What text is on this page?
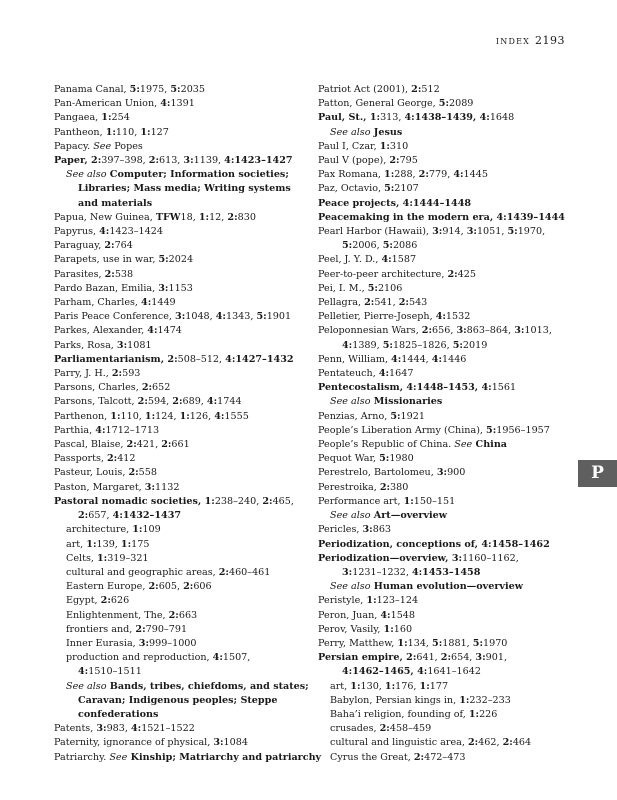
INDEX 2193
Panama Canal, 5:1975, 5:2035
Pan-American Union, 4:1391
Pangaea, 1:254
Pantheon, 1:110, 1:127
Papacy. See Popes
Paper, 2:397–398, 2:613, 3:1139, 4:1423–1427
See also Computer; Information societies;
Libraries; Mass media; Writing systems
and materials
Papua, New Guinea, TFW18, 1:12, 2:830
Papyrus, 4:1423–1424
Paraguay, 2:764
Parapets, use in war, 5:2024
Parasites, 2:538
Pardo Bazan, Emilia, 3:1153
Parham, Charles, 4:1449
Paris Peace Conference, 3:1048, 4:1343, 5:1901
Parkes, Alexander, 4:1474
Parks, Rosa, 3:1081
Parliamentarianism, 2:508–512, 4:1427–1432
Parry, J. H., 2:593
Parsons, Charles, 2:652
Parsons, Talcott, 2:594, 2:689, 4:1744
Parthenon, 1:110, 1:124, 1:126, 4:1555
Parthia, 4:1712–1713
Pascal, Blaise, 2:421, 2:661
Passports, 2:412
Pasteur, Louis, 2:558
Paston, Margaret, 3:1132
Pastoral nomadic societies, 1:238–240, 2:465,
2:657, 4:1432–1437
architecture, 1:109
art, 1:139, 1:175
Celts, 1:319–321
cultural and geographic areas, 2:460–461
Eastern Europe, 2:605, 2:606
Egypt, 2:626
Enlightenment, The, 2:663
frontiers and, 2:790–791
Inner Eurasia, 3:999–1000
production and reproduction, 4:1507,
4:1510–1511
See also Bands, tribes, chiefdoms, and states;
Caravan; Indigenous peoples; Steppe
confederations
Patents, 3:983, 4:1521–1522
Paternity, ignorance of physical, 3:1084
Patriarchy. See Kinship; Matriarchy and patriarchy
Patriot Act (2001), 2:512
Patton, General George, 5:2089
Paul, St., 1:313, 4:1438–1439, 4:1648
See also Jesus
Paul I, Czar, 1:310
Paul V (pope), 2:795
Pax Romana, 1:288, 2:779, 4:1445
Paz, Octavio, 5:2107
Peace projects, 4:1444–1448
Peacemaking in the modern era, 4:1439–1444
Pearl Harbor (Hawaii), 3:914, 3:1051, 5:1970,
5:2006, 5:2086
Peel, J. Y. D., 4:1587
Peer-to-peer architecture, 2:425
Pei, I. M., 5:2106
Pellagra, 2:541, 2:543
Pelletier, Pierre-Joseph, 4:1532
Peloponnesian Wars, 2:656, 3:863–864, 3:1013,
4:1389, 5:1825–1826, 5:2019
Penn, William, 4:1444, 4:1446
Pentateuch, 4:1647
Pentecostalism, 4:1448–1453, 4:1561
See also Missionaries
Penzias, Arno, 5:1921
People’s Liberation Army (China), 5:1956–1957
People’s Republic of China. See China
Pequot War, 5:1980
Perestrelo, Bartolomeu, 3:900
Perestroika, 2:380
Performance art, 1:150–151
See also Art—overview
Pericles, 3:863
Periodization, conceptions of, 4:1458–1462
Periodization—overview, 3:1160–1162,
3:1231–1232, 4:1453–1458
See also Human evolution—overview
Peristyle, 1:123–124
Peron, Juan, 4:1548
Perov, Vasily, 1:160
Perry, Matthew, 1:134, 5:1881, 5:1970
Persian empire, 2:641, 2:654, 3:901,
4:1462–1465, 4:1641–1642
art, 1:130, 1:176, 1:177
Babylon, Persian kings in, 1:232–233
Baha’i religion, founding of, 1:226
crusades, 2:458–459
cultural and linguistic area, 2:462, 2:464
Cyrus the Great, 2:472–473
P
